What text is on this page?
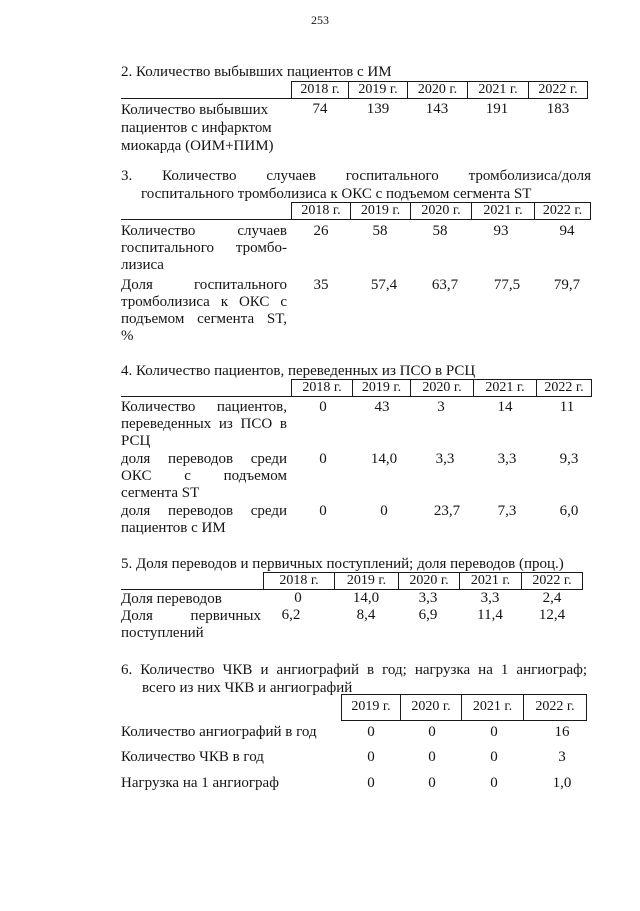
253
2. Количество выбывших пациентов с ИМ
2018 г.	2019 г.	2020 г.	2021 г.	2022 г.
Количество выбывших
пациентов с инфарктом
миокарда (ОИМ+ПИМ)
74	139	143	191	183
3. Количество случаев госпитального тромболизиса/доля
госпитального тромболизиса к ОКС с подъемом сегмента ST
2018 г.	2019 г.	2020 г.	2021 г.	2022 г.
Количество случаев
госпитального тромбо-
лизиса
26	58	58	93	94
Доля госпитального
тромболизиса к ОКС с
подъемом сегмента ST,
%
35	57,4	63,7	77,5	79,7
4. Количество пациентов, переведенных из ПСО в РСЦ
2018 г.	2019 г.	2020 г.	2021 г.	2022 г.
Количество пациентов,
переведенных из ПСО в
РСЦ
0	43	3	14	11
доля переводов среди
ОКС с подъемом
сегмента ST
0	14,0	3,3	3,3	9,3
доля переводов среди
пациентов с ИМ
0	0	23,7	7,3	6,0
5. Доля переводов и первичных поступлений; доля переводов (проц.)
2018 г.	2019 г.	2020 г.	2021 г.	2022 г.
Доля переводов	0	14,0	3,3	3,3	2,4
Доля первичных
поступлений
6,2	8,4	6,9	11,4	12,4
6. Количество ЧКВ и ангиографий в год; нагрузка на 1 ангиограф;
всего из них ЧКВ и ангиографий
2019 г.	2020 г.	2021 г.	2022 г.
Количество ангиографий в год	0	0	0	16
Количество ЧКВ в год	0	0	0	3
Нагрузка на 1 ангиограф	0	0	0	1,0
